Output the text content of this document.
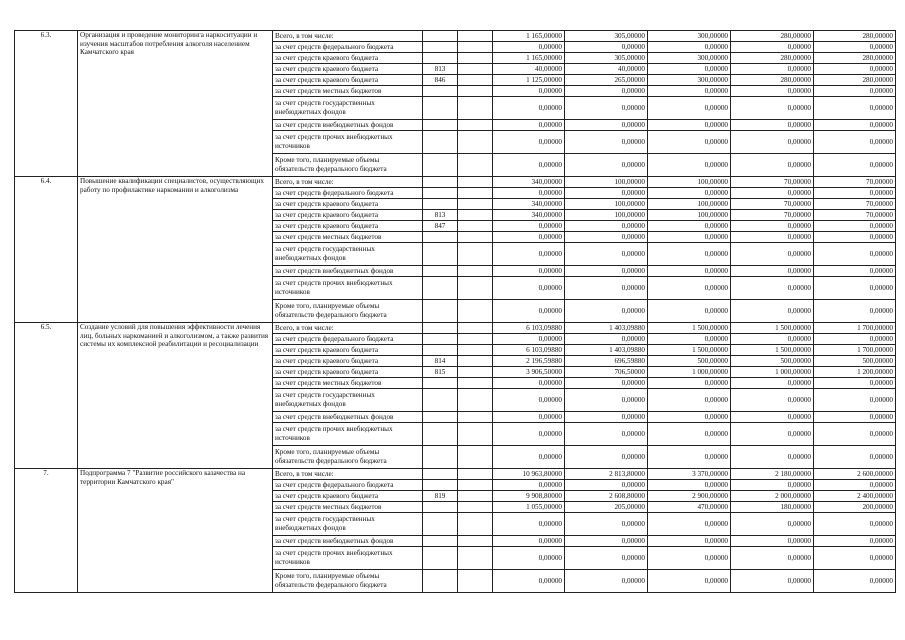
6.3.	Организация и проведение мониторинга наркоситуации и изучения масштабов потребления алкоголя населением Камчатского края	Всего, в том числе:			1 165,00000	305,00000	300,00000	280,00000	280,00000
		за счет средств федерального бюджета			0,00000	0,00000	0,00000	0,00000	0,00000
		за счет средств краевого бюджета			1 165,00000	305,00000	300,00000	280,00000	280,00000
		за счет средств краевого бюджета	813		40,00000	40,00000	0,00000	0,00000	0,00000
		за счет средств краевого бюджета	846		1 125,00000	265,00000	300,00000	280,00000	280,00000
		за счет средств местных бюджетов			0,00000	0,00000	0,00000	0,00000	0,00000
		за счет средств государственных внебюджетных фондов			0,00000	0,00000	0,00000	0,00000	0,00000
		за счет средств внебюджетных фондов			0,00000	0,00000	0,00000	0,00000	0,00000
		за счет средств прочих внебюджетных источников			0,00000	0,00000	0,00000	0,00000	0,00000
		Кроме того, планируемые объемы обязательств федерального бюджета			0,00000	0,00000	0,00000	0,00000	0,00000
6.4.	Повышение квалификации специалистов, осуществляющих работу по профилактике наркомании и алкоголизма	Всего, в том числе:			340,00000	100,00000	100,00000	70,00000	70,00000
		за счет средств федерального бюджета			0,00000	0,00000	0,00000	0,00000	0,00000
		за счет средств краевого бюджета			340,00000	100,00000	100,00000	70,00000	70,00000
		за счет средств краевого бюджета	813		340,00000	100,00000	100,00000	70,00000	70,00000
		за счет средств краевого бюджета	847		0,00000	0,00000	0,00000	0,00000	0,00000
		за счет средств местных бюджетов			0,00000	0,00000	0,00000	0,00000	0,00000
		за счет средств государственных внебюджетных фондов			0,00000	0,00000	0,00000	0,00000	0,00000
		за счет средств внебюджетных фондов			0,00000	0,00000	0,00000	0,00000	0,00000
		за счет средств прочих внебюджетных источников			0,00000	0,00000	0,00000	0,00000	0,00000
		Кроме того, планируемые объемы обязательств федерального бюджета			0,00000	0,00000	0,00000	0,00000	0,00000
6.5.	Создание условий для повышения эффективности лечения лиц, больных наркоманией и алкоголизмом, а также развития системы их комплексной реабилитации и ресоциализации	Всего, в том числе:			6 103,09880	1 403,09880	1 500,00000	1 500,00000	1 700,00000
		за счет средств федерального бюджета			0,00000	0,00000	0,00000	0,00000	0,00000
		за счет средств краевого бюджета			6 103,09880	1 403,09880	1 500,00000	1 500,00000	1 700,00000
		за счет средств краевого бюджета	814		2 196,59880	696,59880	500,00000	500,00000	500,00000
		за счет средств краевого бюджета	815		3 906,50000	706,50000	1 000,00000	1 000,00000	1 200,00000
		за счет средств местных бюджетов			0,00000	0,00000	0,00000	0,00000	0,00000
		за счет средств государственных внебюджетных фондов			0,00000	0,00000	0,00000	0,00000	0,00000
		за счет средств внебюджетных фондов			0,00000	0,00000	0,00000	0,00000	0,00000
		за счет средств прочих внебюджетных источников			0,00000	0,00000	0,00000	0,00000	0,00000
		Кроме того, планируемые объемы обязательств федерального бюджета			0,00000	0,00000	0,00000	0,00000	0,00000
7.	Подпрограмма 7 "Развитие российского казачества на территории Камчатского края"	Всего, в том числе:			10 963,80000	2 813,80000	3 370,00000	2 180,00000	2 600,00000
		за счет средств федерального бюджета			0,00000	0,00000	0,00000	0,00000	0,00000
		за счет средств краевого бюджета	819		9 908,80000	2 608,80000	2 900,00000	2 000,00000	2 400,00000
		за счет средств местных бюджетов			1 055,00000	205,00000	470,00000	180,00000	200,00000
		за счет средств государственных внебюджетных фондов			0,00000	0,00000	0,00000	0,00000	0,00000
		за счет средств внебюджетных фондов			0,00000	0,00000	0,00000	0,00000	0,00000
		за счет средств прочих внебюджетных источников			0,00000	0,00000	0,00000	0,00000	0,00000
		Кроме того, планируемые объемы обязательств федерального бюджета			0,00000	0,00000	0,00000	0,00000	0,00000
